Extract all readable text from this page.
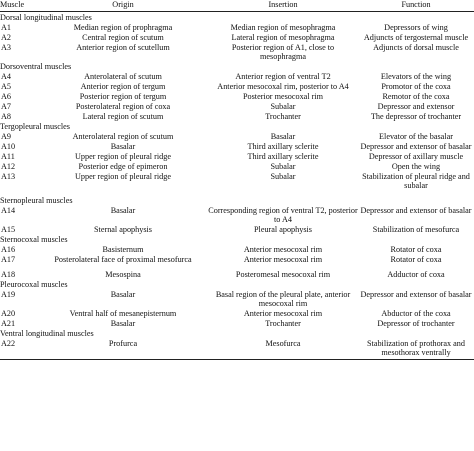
Muscle	Origin	Insertion	Function
Dorsal longitudinal muscles			
A1	Median region of prophragma	Median region of mesophragma	Depressors of wing
A2	Central region of scutum	Lateral region of mesophragma	Adjuncts of tergosternal muscle
A3	Anterior region of scutellum	Posterior region of A1, close to mesophragma	Adjuncts of dorsal muscle
Dorsoventral muscles			
A4	Anterolateral of scutum	Anterior region of ventral T2	Elevators of the wing
A5	Anterior region of tergum	Anterior mesocoxal rim, posterior to A4	Promotor of the coxa
A6	Posterior region of tergum	Posterior mesocoxal rim	Remotor of the coxa
A7	Posterolateral region of coxa	Subalar	Depressor and extensor
A8	Lateral region of scutum	Trochanter	The depressor of trochanter
Tergopleural muscles			
A9	Anterolateral region of scutum	Basalar	Elevator of the basalar
A10	Basalar	Third axillary sclerite	Depressor and extensor of basalar
A11	Upper region of pleural ridge	Third axillary sclerite	Depressor of axillary muscle
A12	Posterior edge of epimeron	Subalar	Open the wing
A13	Upper region of pleural ridge	Subalar	Stabilization of pleural ridge and subalar
Sternopleural muscles			
A14	Basalar	Corresponding region of ventral T2, posterior to A4	Depressor and extensor of basalar
A15	Sternal apophysis	Pleural apophysis	Stabilization of mesofurca
Sternocoxal muscles			
A16	Basisternum	Anterior mesocoxal rim	Rotator of coxa
A17	Posterolateral face of proximal mesofurca	Anterior mesocoxal rim	Rotator of coxa
A18	Mesospina	Posteromesal mesocoxal rim	Adductor of coxa
Pleurocoxal muscles			
A19	Basalar	Basal region of the pleural plate, anterior mesocoxal rim	Depressor and extensor of basalar
A20	Ventral half of mesanepisternum	Anterior mesocoxal rim	Abductor of the coxa
A21	Basalar	Trochanter	Depressor of trochanter
Ventral longitudinal muscles			
A22	Profurca	Mesofurca	Stabilization of prothorax and mesothorax ventrally
